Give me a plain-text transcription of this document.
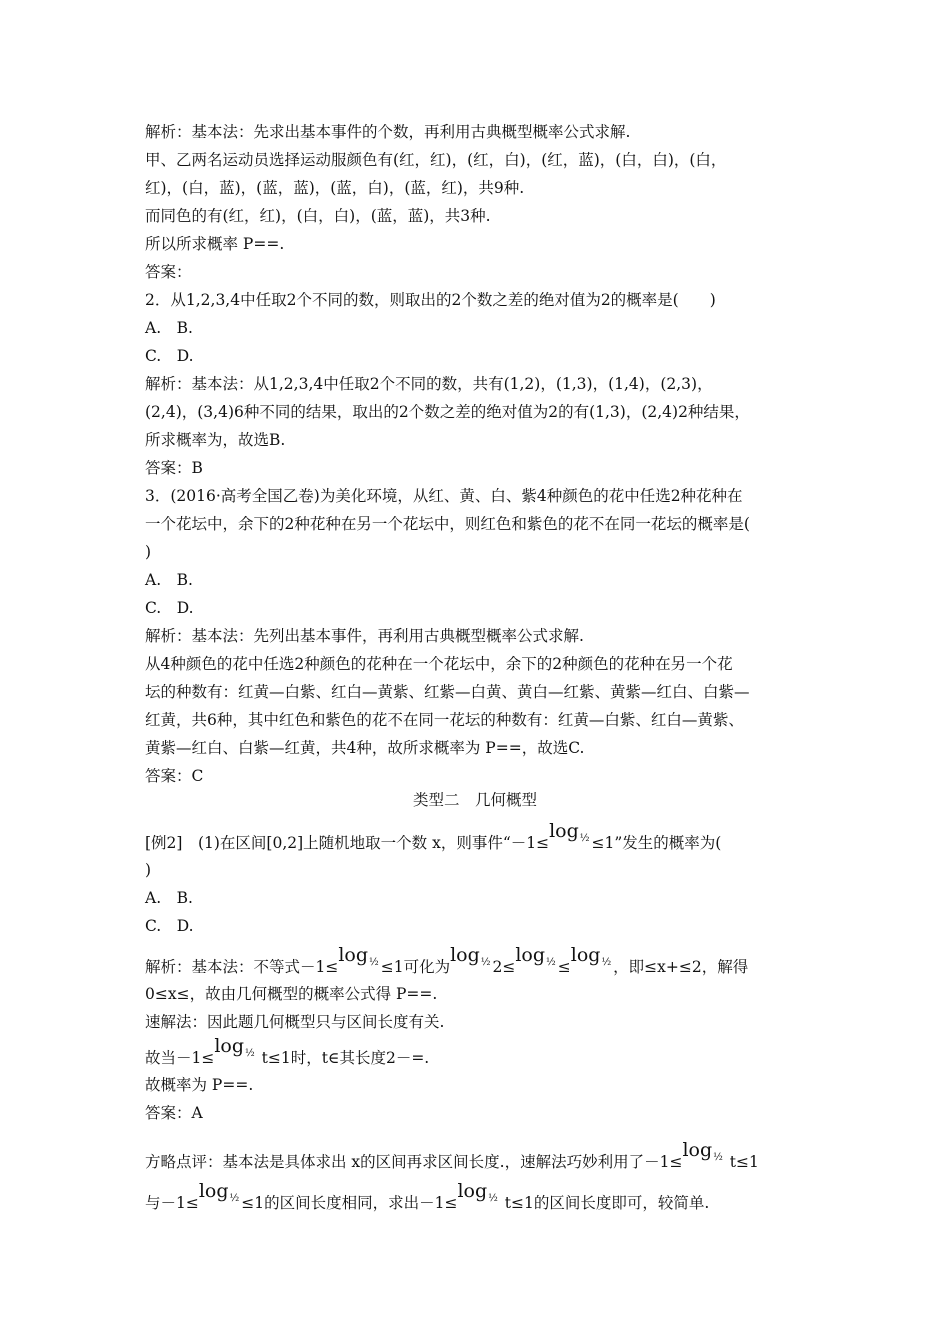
解析：基本法：先求出基本事件的个数，再利用古典概型概率公式求解.
甲、乙两名运动员选择运动服颜色有(红，红)，(红，白)，(红，蓝)，(白，白)，(白，
红)，(白，蓝)，(蓝，蓝)，(蓝，白)，(蓝，红)，共9种.
而同色的有(红，红)，(白，白)，(蓝，蓝)，共3种.
所以所求概率 P==.
答案：
2．从1,2,3,4中任取2个不同的数，则取出的2个数之差的绝对值为2的概率是(　　)
A.　B.
C.　D.
解析：基本法：从1,2,3,4中任取2个不同的数，共有(1,2)，(1,3)，(1,4)，(2,3)，
(2,4)，(3,4)6种不同的结果，取出的2个数之差的绝对值为2的有(1,3)，(2,4)2种结果，
所求概率为，故选B.
答案：B
3．(2016·高考全国乙卷)为美化环境，从红、黄、白、紫4种颜色的花中任选2种花种在
一个花坛中，余下的2种花种在另一个花坛中，则红色和紫色的花不在同一花坛的概率是(
)
A.　B.
C.　D.
解析：基本法：先列出基本事件，再利用古典概型概率公式求解.
从4种颜色的花中任选2种颜色的花种在一个花坛中，余下的2种颜色的花种在另一个花
坛的种数有：红黄—白紫、红白—黄紫、红紫—白黄、黄白—红紫、黄紫—红白、白紫—
红黄，共6种，其中红色和紫色的花不在同一花坛的种数有：红黄—白紫、红白—黄紫、
黄紫—红白、白紫—红黄，共4种，故所求概率为 P==，故选C.
答案：C
)
A.　B.
C.　D.
0≤x≤，故由几何概型的概率公式得 P==.
速解法：因此题几何概型只与区间长度有关.
故概率为 P==.
答案：A
类型二　几何概型
[例2]　(1)在区间[0,2]上随机地取一个数 x，则事件“$-1\le\log_{\frac{1}{2}} \le 1$”发生的概率为(
解析：基本法：不等式$-1\le\log_{\frac{1}{2}} \le 1$可化为$\log_{\frac{1}{2}} 2\le\log_{\frac{1}{2}} \le\log_{\frac{1}{2}}$ ，即≤x+≤2，解得
故当$-1\le\log_{\frac{1}{2}}$ t≤1时，t∈其长度2－=.
方略点评：基本法是具体求出 x的区间再求区间长度.，速解法巧妙利用了$-1\le\log_{\frac{1}{2}}$ t≤1
与$-1\le\log_{\frac{1}{2}} \le 1$的区间长度相同，求出$-1\le\log_{\frac{1}{2}}$ t≤1的区间长度即可，较简单.
